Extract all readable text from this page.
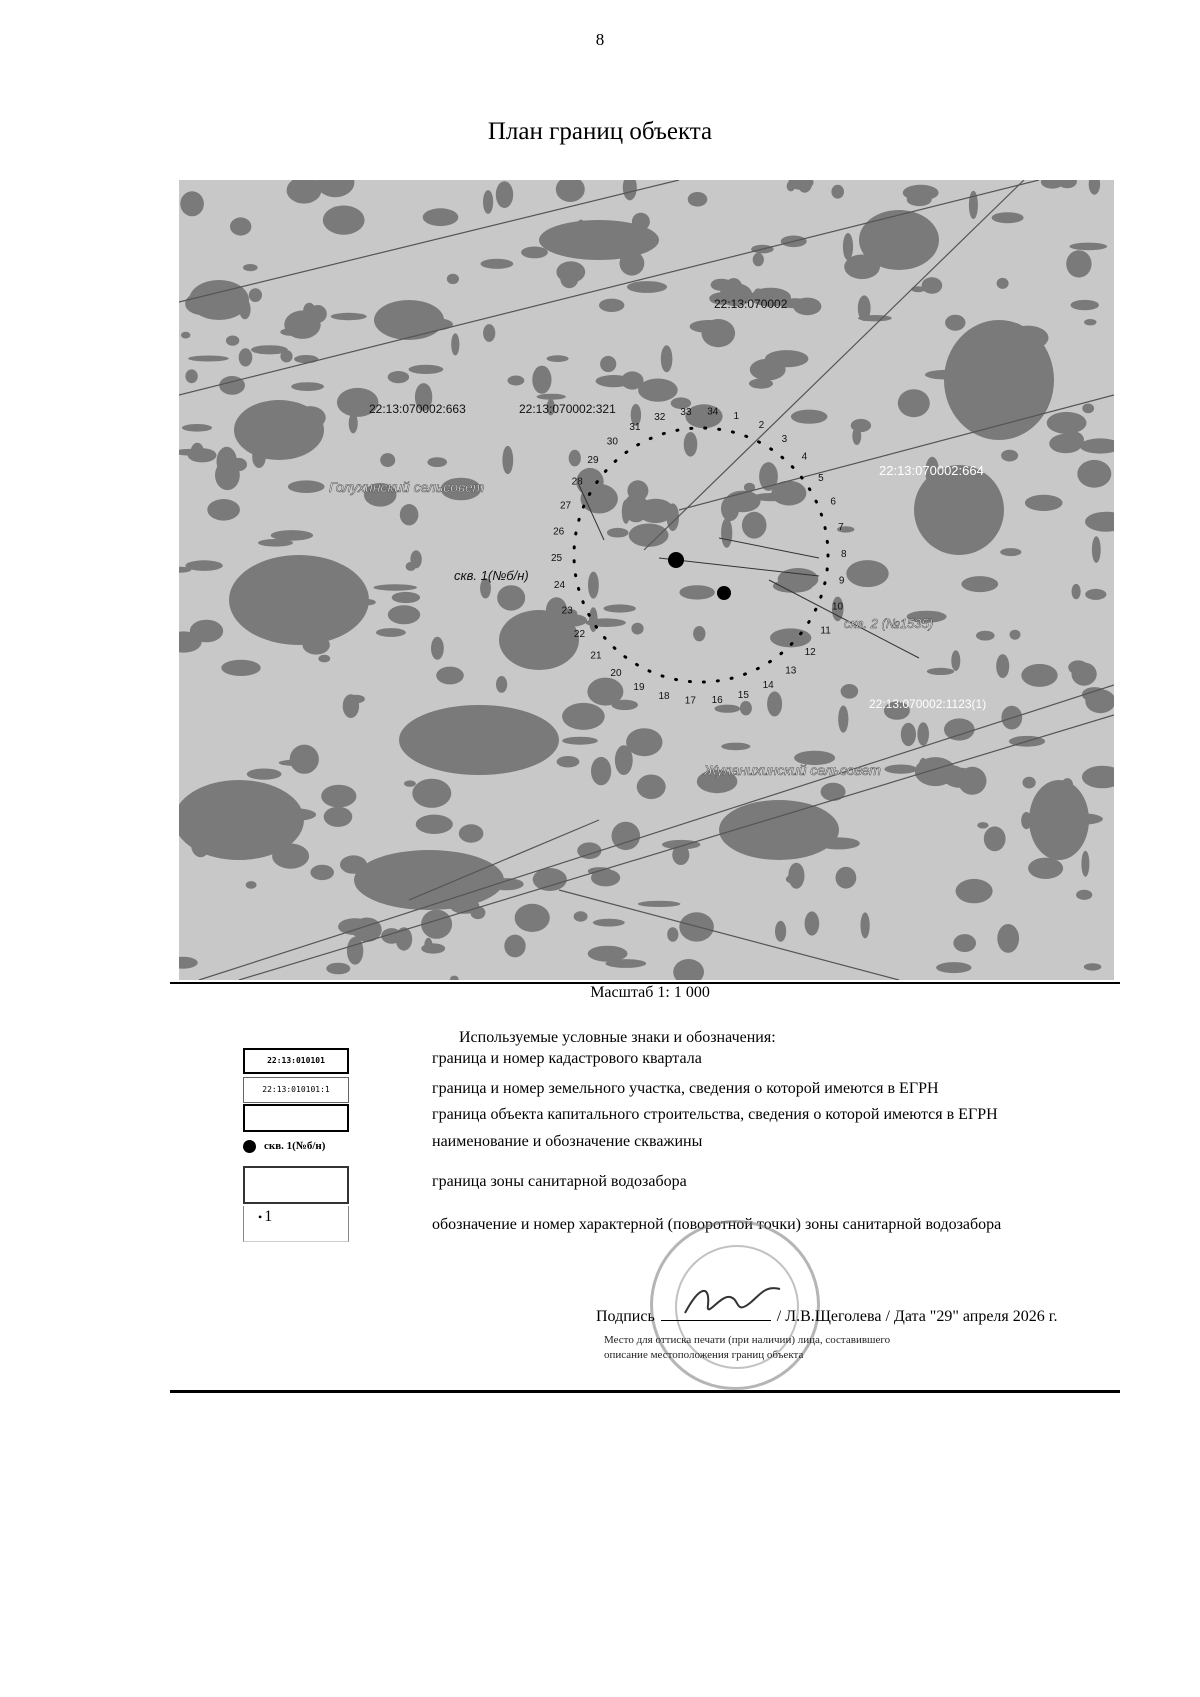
8
План границ объекта
1
2
3
4
5
6
7
8
9
10
11
12
13
14
15
16
17
18
19
20
21
22
23
24
25
26
27
28
29
30
31
32 33 34
22:13:070002
22:13:070002:663	22:13:070002:321
22:13:070002:664
22:13:070002:1123(1)
Голухинский сельсовет
Жуланихинский сельсовет
скв. 1(№б/н)
скв. 2 (№1535)
Масштаб 1: 1 000
Используемые условные знаки и обозначения:
22:13:010101
22:13:010101:1
скв. 1(№б/н)
• 1
граница и номер кадастрового квартала
граница и номер земельного участка, сведения о которой имеются в ЕГРН
граница объекта капитального строительства, сведения о которой имеются в ЕГРН
наименование и обозначение скважины
граница зоны санитарной водозабора
обозначение и номер характерной (поворотной точки) зоны санитарной водозабора
Подпись	/ Л.В.Щеголева / Дата "29" апреля 2026 г.
Место для оттиска печати (при наличии) лица, составившего
описание местоположения границ объекта
